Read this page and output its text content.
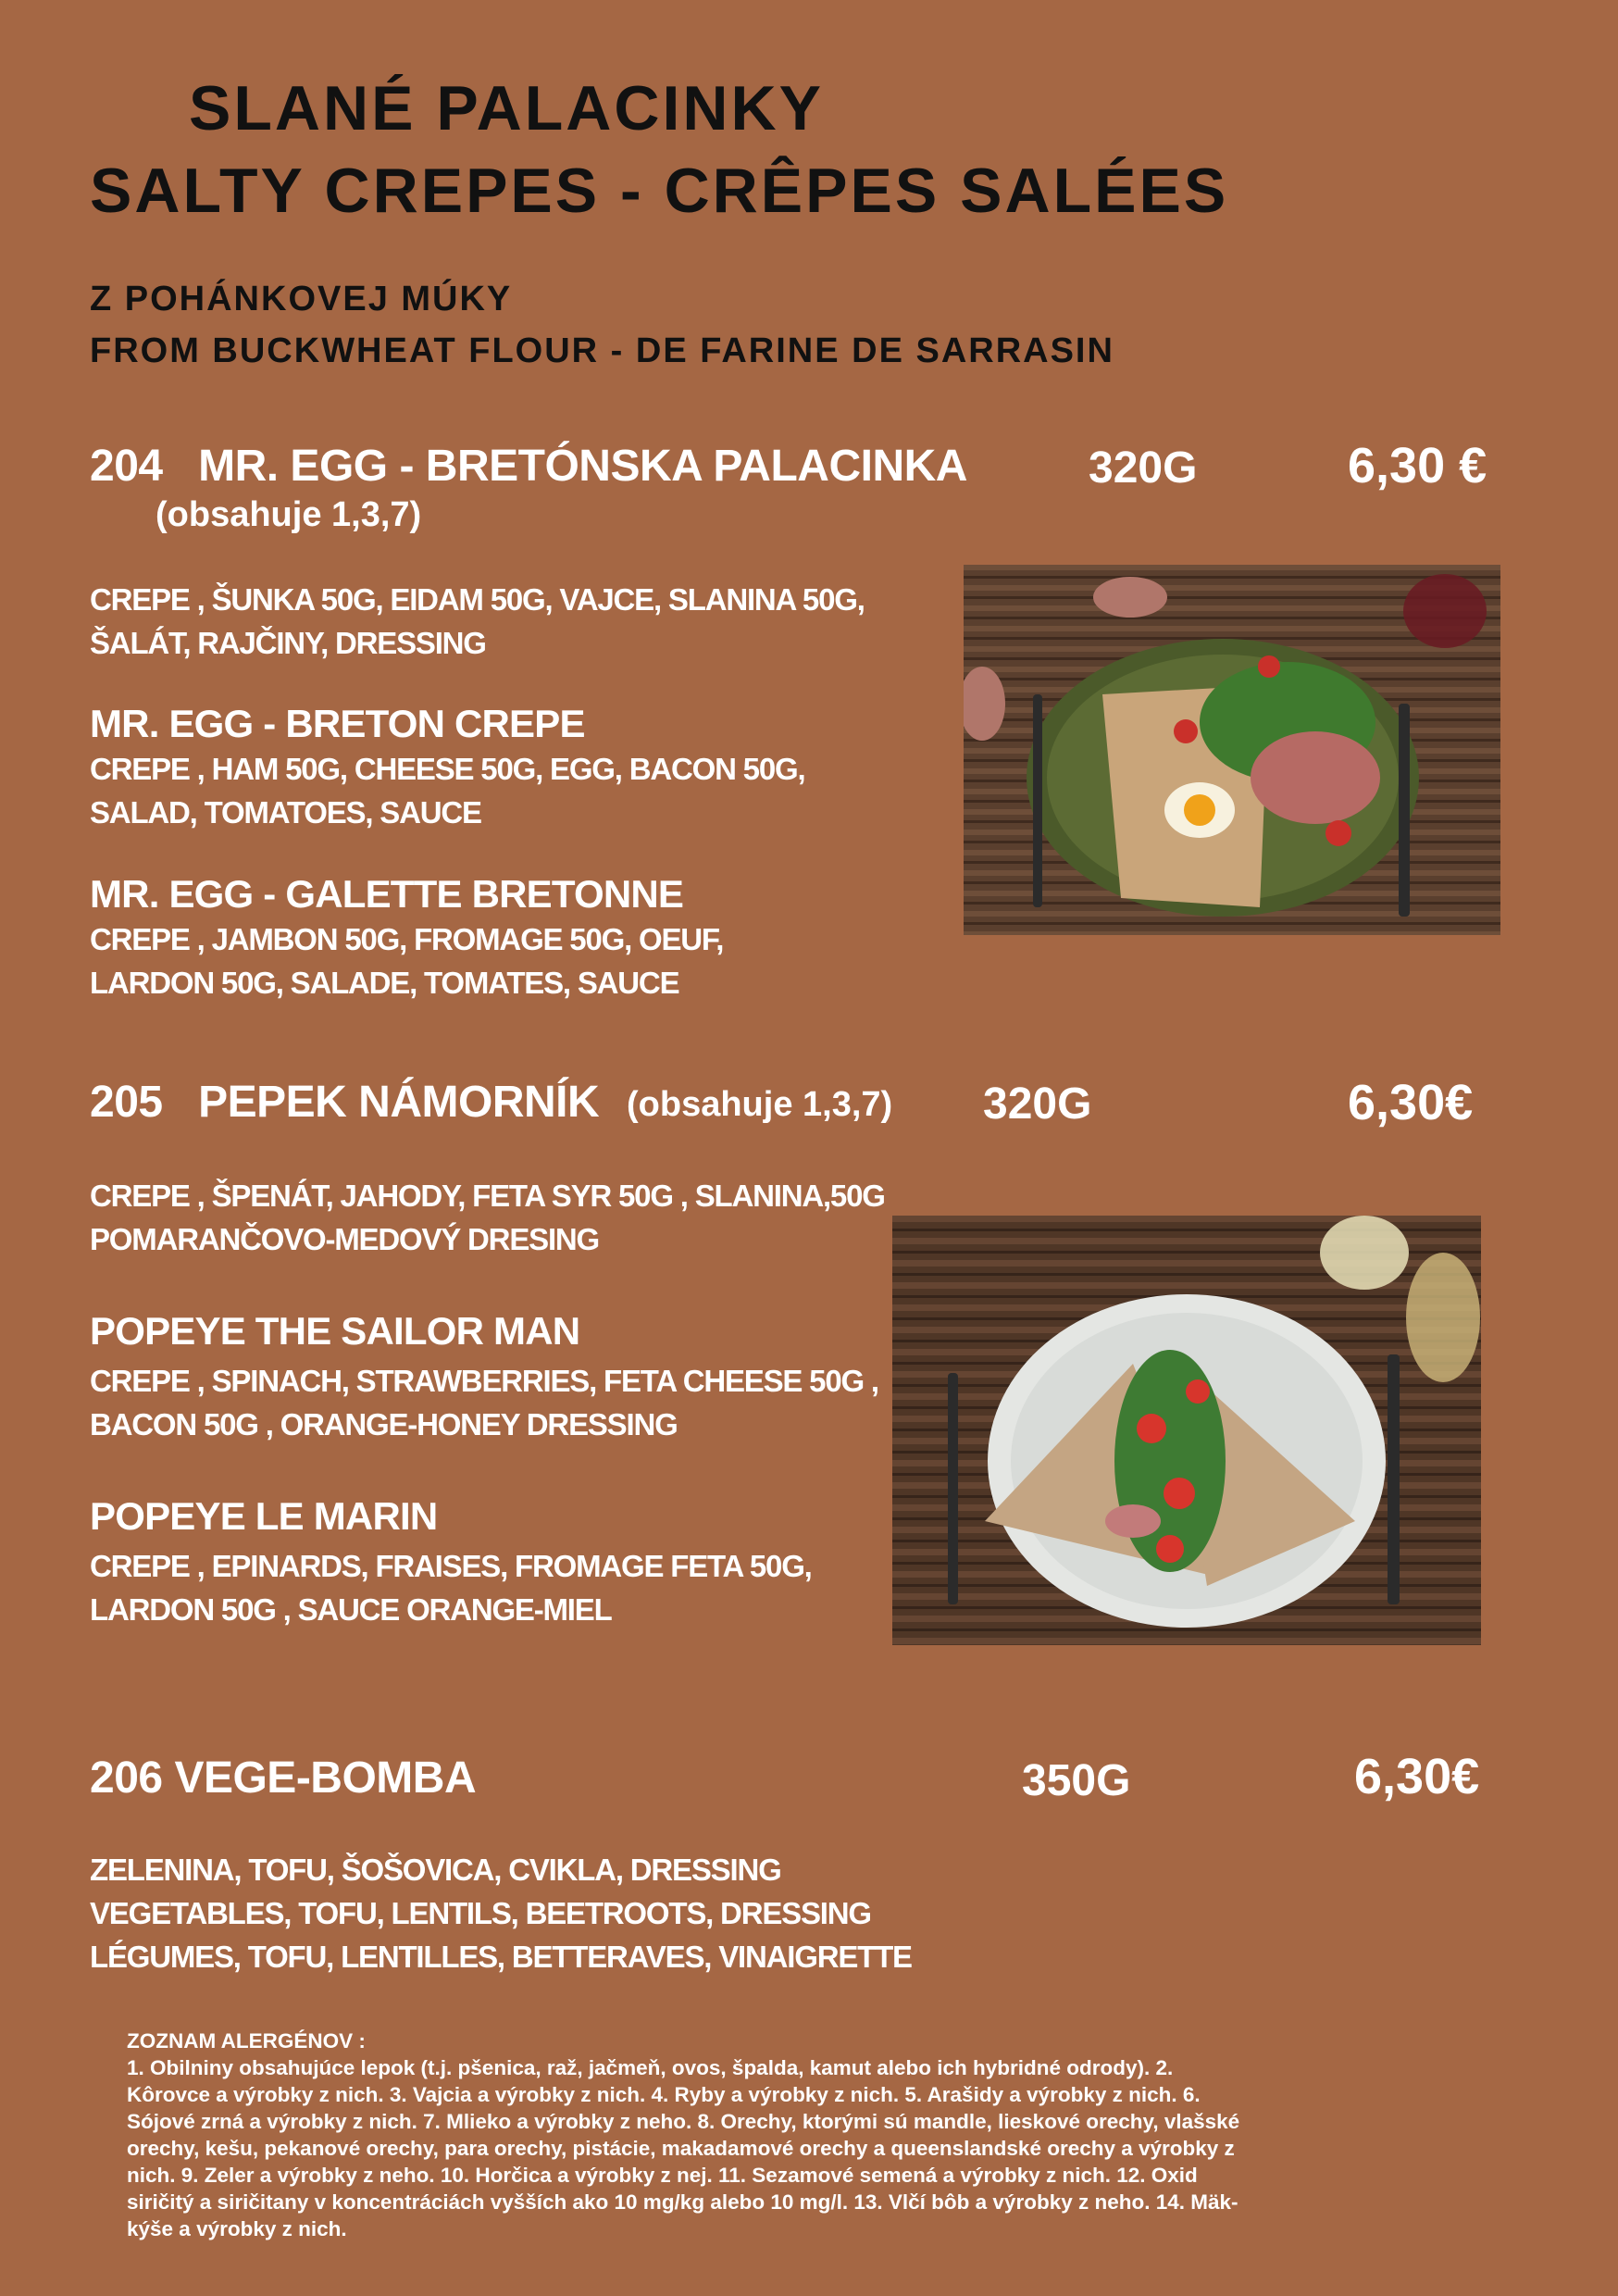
SLANÉ PALACINKY
SALTY CREPES - CRÊPES SALÉES
Z POHÁNKOVEJ MÚKY
FROM BUCKWHEAT FLOUR - DE FARINE DE SARRASIN
204 MR. EGG - BRETÓNSKA PALACINKA
(obsahuje 1,3,7)
320G	6,30 €
CREPE , ŠUNKA 50G, EIDAM 50G, VAJCE, SLANINA 50G,
ŠALÁT, RAJČINY, DRESSING
MR. EGG - BRETON CREPE
CREPE , HAM 50G, CHEESE 50G, EGG, BACON 50G,
SALAD, TOMATOES, SAUCE
MR. EGG - GALETTE BRETONNE
CREPE , JAMBON 50G, FROMAGE 50G, OEUF,
LARDON 50G, SALADE, TOMATES, SAUCE
205 PEPEK NÁMORNÍK (obsahuje 1,3,7) 320G	6,30€
CREPE , ŠPENÁT, JAHODY, FETA SYR 50G , SLANINA,50G
POMARANČOVO-MEDOVÝ DRESING
POPEYE THE SAILOR MAN
CREPE , SPINACH, STRAWBERRIES, FETA CHEESE 50G ,
BACON 50G , ORANGE-HONEY DRESSING
POPEYE LE MARIN
CREPE , EPINARDS, FRAISES, FROMAGE FETA 50G,
LARDON 50G , SAUCE ORANGE-MIEL
206 VEGE-BOMBA	350G	6,30€
ZELENINA, TOFU, ŠOŠOVICA, CVIKLA, DRESSING
VEGETABLES, TOFU, LENTILS, BEETROOTS, DRESSING
LÉGUMES, TOFU, LENTILLES, BETTERAVES, VINAIGRETTE

ZOZNAM ALERGÉNOV :

1. Obilniny obsahujúce lepok (t.j. pšenica, raž, jačmeň, ovos, špalda, kamut alebo ich hybridné odrody). 2.

Kôrovce a výrobky z nich. 3. Vajcia a výrobky z nich. 4. Ryby a výrobky z nich. 5. Arašidy a výrobky z nich. 6.

Sójové zrná a výrobky z nich. 7. Mlieko a výrobky z neho. 8. Orechy, ktorými sú mandle, lieskové orechy, vlašské

orechy, kešu, pekanové orechy, para orechy, pistácie, makadamové orechy a queenslandské orechy a výrobky z

nich. 9. Zeler a výrobky z neho. 10. Horčica a výrobky z nej. 11. Sezamové semená a výrobky z nich. 12. Oxid

siričitý a siričitany v koncentráciách vyšších ako 10 mg/kg alebo 10 mg/l. 13. Vlčí bôb a výrobky z neho. 14. Mäk-

kýše a výrobky z nich.
